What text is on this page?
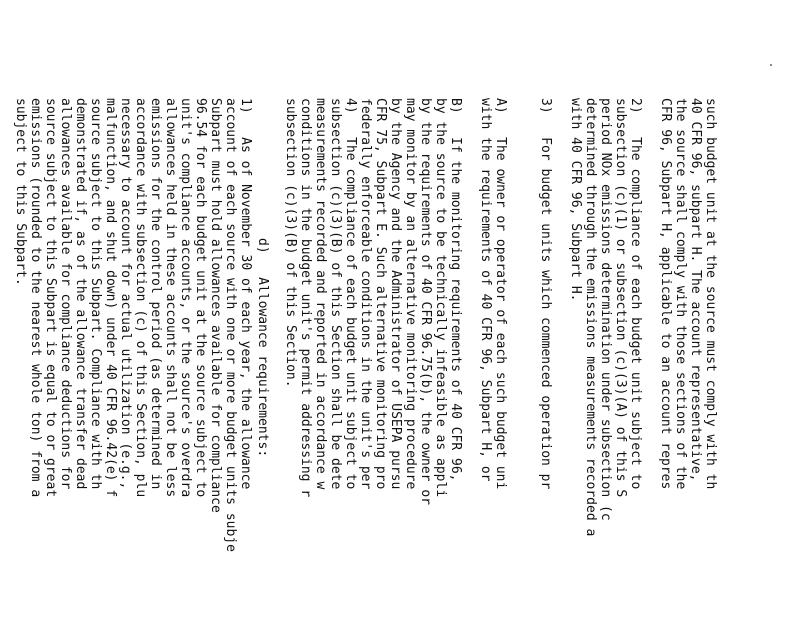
such budget unit at the source must comply with th
40 CFR 96, subpart H. The account representative,
the source shall comply with those sections of the
CFR 96, Subpart H, applicable to an account repres
2)   The compliance of each budget unit subject to
subsection (c)(1) or subsection (c)(3)(A) of this S
period NOx emissions determination under subsection (c
determined through the emissions measurements recorded a
with 40 CFR 96, Subpart H.
3)   For budget units which commenced operation pr
A)   The owner or operator of each such budget uni
with the requirements of 40 CFR 96, Subpart H, or
B)   If the monitoring requirements of 40 CFR 96,
by the source to be technically infeasible as appli
by the requirements of 40 CFR 96.75(b), the owner or
may monitor by an alternative monitoring procedure
by the Agency and the Administrator of USEPA pursu
CFR 75, Subpart E. Such alternative monitoring pro
federally enforceable conditions in the unit's per
4)   The compliance of each budget unit subject to
subsection (c)(3)(B) of this Section shall be dete
measurements recorded and reported in accordance w
conditions in the budget unit's permit addressing r
subsection (c)(3)(B) of this Section.
d)   Allowance requirements:
1)   As of November 30 of each year, the allowance
account of each source with one or more budget units subje
Subpart must hold allowances available for compliance
96.54 for each budget unit at the source subject to
unit's compliance accounts, or the source's overdra
allowances held in these accounts shall not be less
emissions for the control period (as determined in
accordance with subsection (c) of this Section, plu
necessary to account for actual utilization (e.g.,
malfunction, and shut down) under 40 CFR 96.42(e) f
source subject to this Subpart. Compliance with th
demonstrated if, as of the allowance transfer dead
allowances available for compliance deductions for
source subject to this Subpart is equal to or great
emissions (rounded to the nearest whole ton) from a
subject to this Subpart.
